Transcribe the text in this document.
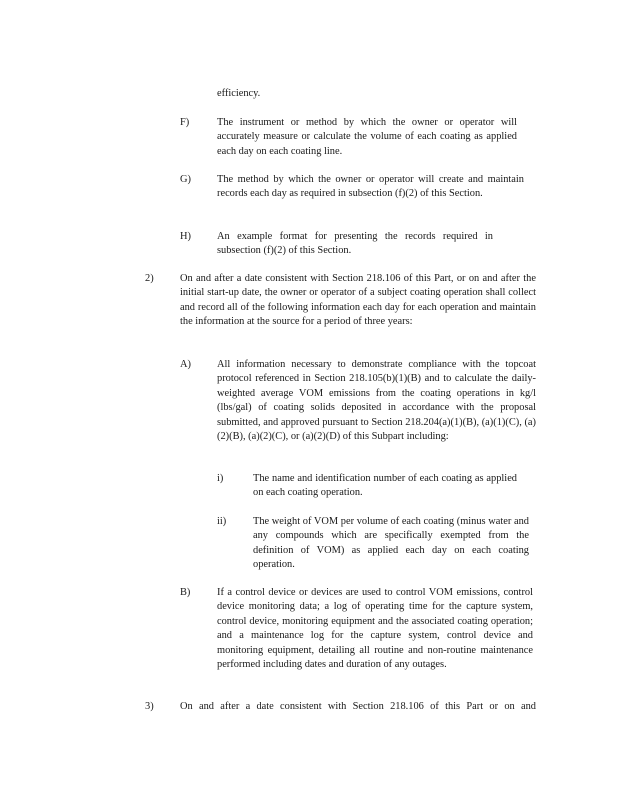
efficiency.
F)	The instrument or method by which the owner or operator will accurately measure or calculate the volume of each coating as applied each day on each coating line.
G)	The method by which the owner or operator will create and maintain records each day as required in subsection (f)(2) of this Section.
H)	An example format for presenting the records required in subsection (f)(2) of this Section.
2)	On and after a date consistent with Section 218.106 of this Part, or on and after the initial start-up date, the owner or operator of a subject coating operation shall collect and record all of the following information each day for each operation and maintain the information at the source for a period of three years:
A)	All information necessary to demonstrate compliance with the topcoat protocol referenced in Section 218.105(b)(1)(B) and to calculate the daily-weighted average VOM emissions from the coating operations in kg/l (lbs/gal) of coating solids deposited in accordance with the proposal submitted, and approved pursuant to Section 218.204(a)(1)(B), (a)(1)(C), (a)(2)(B), (a)(2)(C), or (a)(2)(D) of this Subpart including:
i)	The name and identification number of each coating as applied on each coating operation.
ii)	The weight of VOM per volume of each coating (minus water and any compounds which are specifically exempted from the definition of VOM) as applied each day on each coating operation.
B)	If a control device or devices are used to control VOM emissions, control device monitoring data; a log of operating time for the capture system, control device, monitoring equipment and the associated coating operation; and a maintenance log for the capture system, control device and monitoring equipment, detailing all routine and non-routine maintenance performed including dates and duration of any outages.
3)	On and after a date consistent with Section 218.106 of this Part or on and
